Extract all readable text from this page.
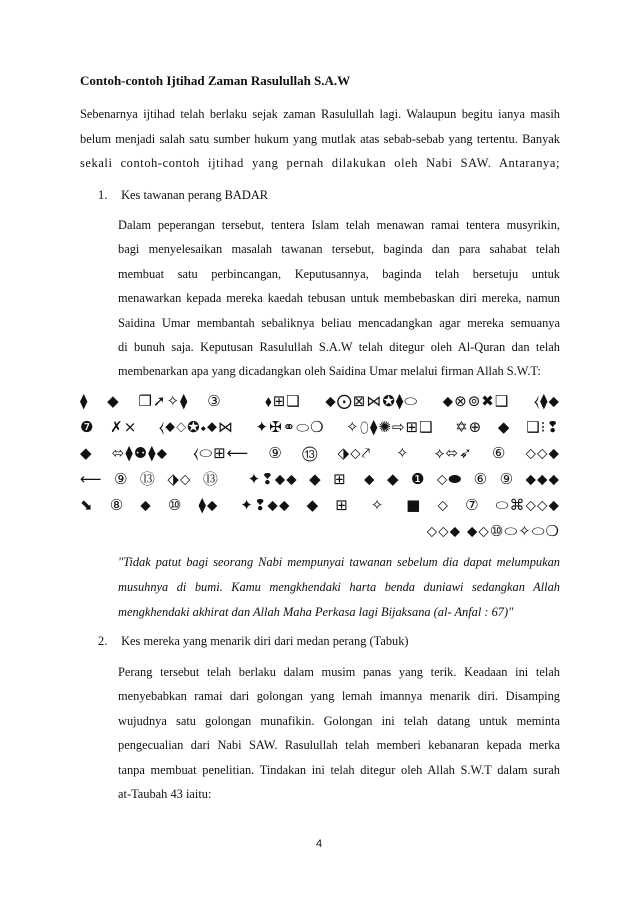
Contoh-contoh Ijtihad Zaman Rasulullah S.A.W

Sebenarnya ijtihad telah berlaku sejak zaman Rasulullah lagi. Walaupun begitu ianya masih

belum menjadi salah satu sumber hukum yang mutlak atas sebab-sebab yang tertentu. Banyak

sekali contoh-contoh ijtihad yang pernah dilakukan oleh Nabi SAW. Antaranya;

1. Kes tawanan perang BADAR

Dalam peperangan tersebut, tentera Islam telah menawan ramai tentera musyrikin,

bagi menyelesaikan masalah tawanan tersebut, baginda dan para sahabat telah

membuat satu perbincangan, Keputusannya, baginda telah bersetuju untuk

menawarkan kepada mereka kaedah tebusan untuk membebaskan diri mereka, namun

Saidina Umar membantah sebaliknya beliau mencadangkan agar mereka semuanya

di bunuh saja. Keputusan Rasulullah S.A.W telah ditegur oleh Al-Quran dan telah

membenarkan apa yang dicadangkan oleh Saidina Umar melalui firman Allah S.W.T:

⧫◆❒➚✧⧫③ ⬧⊞❑ ⬥⨀⊠⋈✪⧫⬭ ⬥⊗⊚✖❑ ⧼⧫⬥

❼✗⨯ ⧼⬥⬦✪⬩⬥⋈ ✦✠⚭⬭❍ ✧⬯⧫✺⇨⊞❑ ✡⊕◆❑⁝❢

◆⬄⧫⚉⧫⬥ ⧼⬭⊞⟵⑨⑬⬗⬦⤤ ✧ ⟡⬄➶⑥⬦⬦⬥

⟵⑨⑬⬗⬦⑬ ✦❢⬥⬥◆⊞ ⬥◆❶⬦⬬⑥⑨⬥⬥⬥

⬊⑧⬥⑩⧫⬥ ✦❢⬥⬥◆⊞ ✧ ■⬦⑦⬭⌘⬦⬦⬥

⬦⬦⬥ ⬥⬦⑩⬭✧⬭❍

"Tidak patut bagi seorang Nabi mempunyai tawanan sebelum dia dapat melumpukan

musuhnya di bumi. Kamu mengkhendaki harta benda duniawi sedangkan Allah

mengkhendaki akhirat dan Allah Maha Perkasa lagi Bijaksana (al- Anfal : 67)"

2. Kes mereka yang menarik diri dari medan perang (Tabuk)

Perang tersebut telah berlaku dalam musim panas yang terik. Keadaan ini telah

menyebabkan ramai dari golongan yang lemah imannya menarik diri. Disamping

wujudnya satu golongan munafikin. Golongan ini telah datang untuk meminta

pengecualian dari Nabi SAW. Rasulullah telah memberi kebanaran kepada merka

tanpa membuat penelitian. Tindakan ini telah ditegur oleh Allah S.W.T dalam surah

at-Taubah 43 iaitu:

4
